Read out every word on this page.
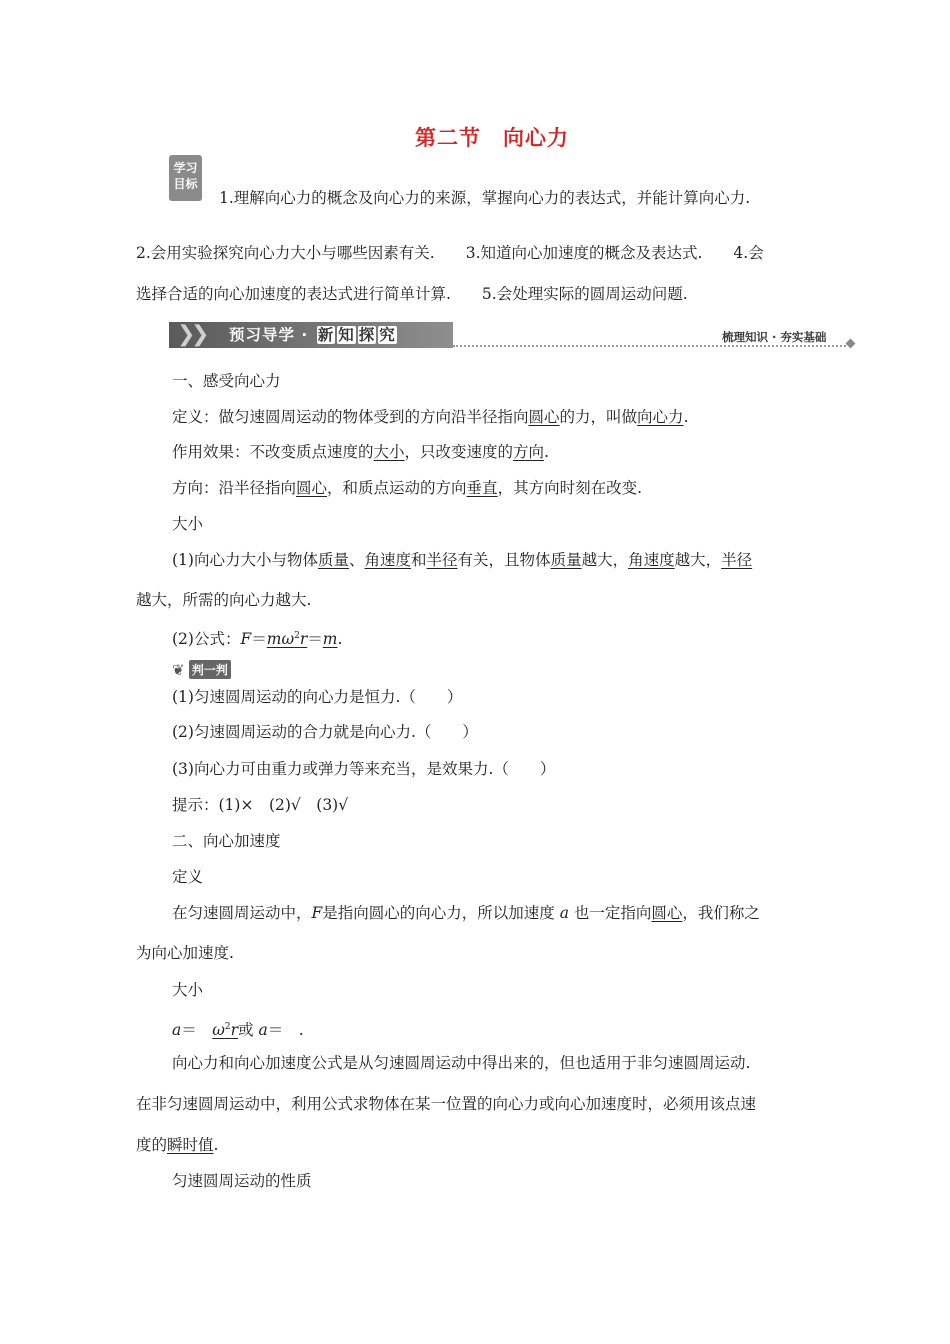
第二节　向心力
学习
目标
1.理解向心力的概念及向心力的来源，掌握向心力的表达式，并能计算向心力.
2.会用实验探究向心力大小与哪些因素有关.　　3.知道向心加速度的概念及表达式.　　4.会
选择合适的向心加速度的表达式进行简单计算.　　5.会处理实际的圆周运动问题.
❯
❯ 预习导学 · 新 知 探 究	梳理知识 · 夯实基础
一、感受向心力
定义：做匀速圆周运动的物体受到的方向沿半径指向圆心的力，叫做向心力.
作用效果：不改变质点速度的大小，只改变速度的方向.
方向：沿半径指向圆心，和质点运动的方向垂直，其方向时刻在改变.
大小
(1)向心力大小与物体质量、角速度和半径有关，且物体质量越大，角速度越大，半径
越大，所需的向心力越大.
(2)公式：$F=m\omega^2r=m$.
❦ 判一判
(1)匀速圆周运动的向心力是恒力.（　　）
(2)匀速圆周运动的合力就是向心力.（　　）
(3)向心力可由重力或弹力等来充当，是效果力.（　　）
提示：(1)×　(2)√　(3)√
二、向心加速度
定义
在匀速圆周运动中，F是指向圆心的向心力，所以加速度 a 也一定指向圆心，我们称之
为向心加速度.
大小
a＝　$\omega^2r$或 a＝　.
向心力和向心加速度公式是从匀速圆周运动中得出来的，但也适用于非匀速圆周运动.
在非匀速圆周运动中，利用公式求物体在某一位置的向心力或向心加速度时，必须用该点速
度的瞬时值.
匀速圆周运动的性质
